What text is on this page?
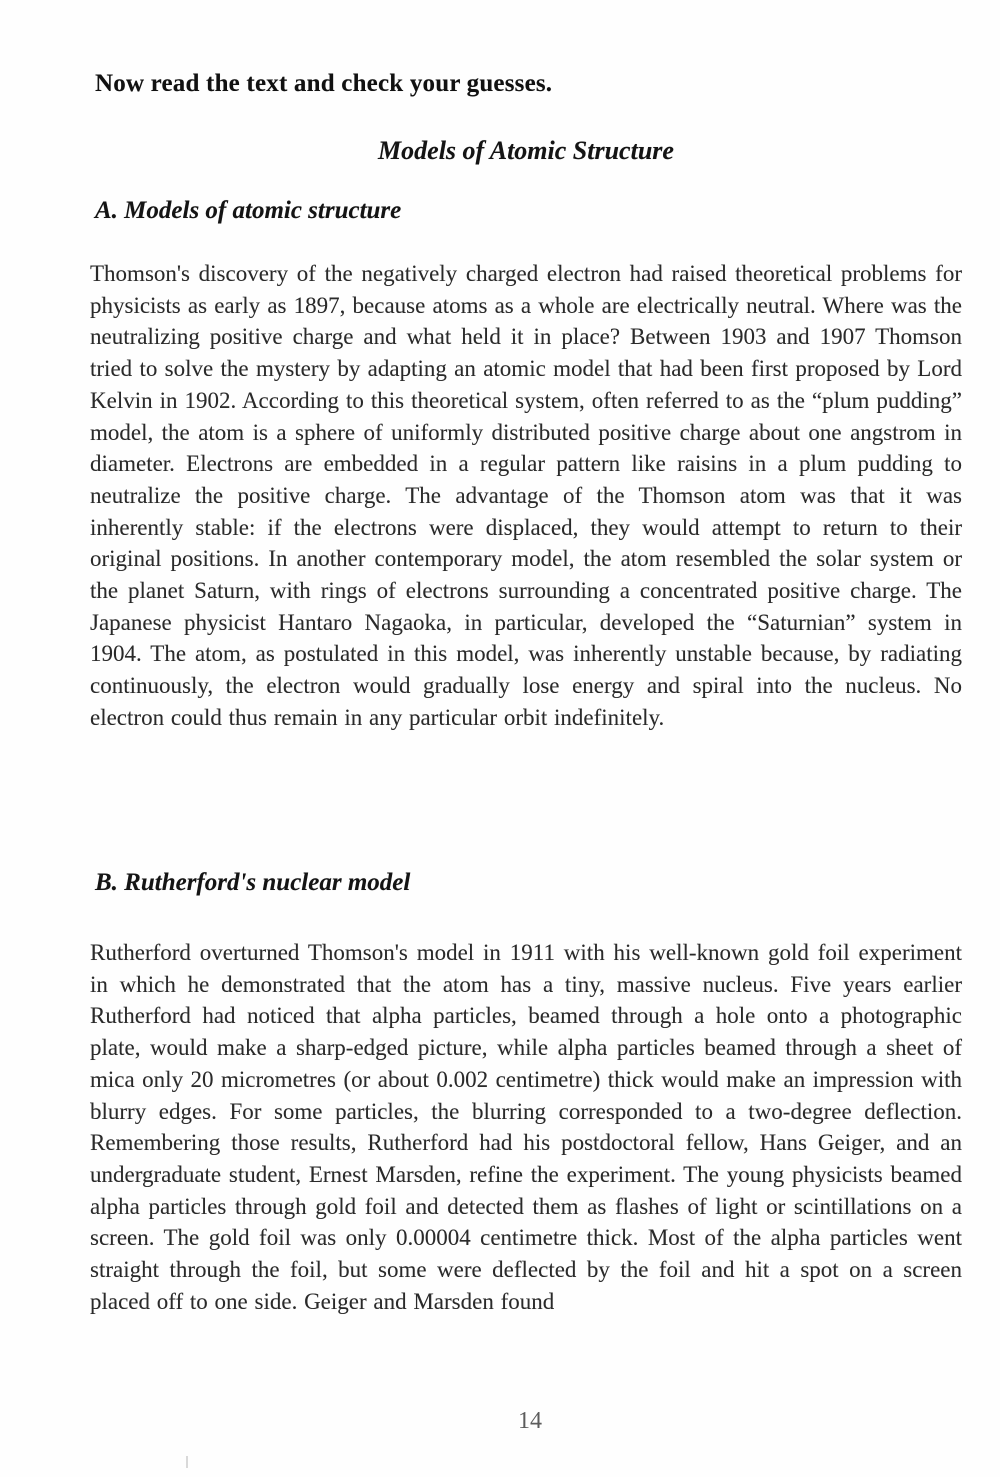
Now read the text and check your guesses.
Models of Atomic Structure
A. Models of atomic structure
Thomson's discovery of the negatively charged electron had raised theoretical problems for physicists as early as 1897, because atoms as a whole are electrically neutral. Where was the neutralizing positive charge and what held it in place? Between 1903 and 1907 Thomson tried to solve the mystery by adapting an atomic model that had been first proposed by Lord Kelvin in 1902. According to this theoretical system, often referred to as the “plum pudding” model, the atom is a sphere of uniformly distributed positive charge about one angstrom in diameter. Electrons are embedded in a regular pattern like raisins in a plum pudding to neutralize the positive charge. The advantage of the Thomson atom was that it was inherently stable: if the electrons were displaced, they would attempt to return to their original positions. In another contemporary model, the atom resembled the solar system or the planet Saturn, with rings of electrons surrounding a concentrated positive charge. The Japanese physicist Hantaro Nagaoka, in particular, developed the “Saturnian” system in 1904. The atom, as postulated in this model, was inherently unstable because, by radiating continuously, the electron would gradually lose energy and spiral into the nucleus. No electron could thus remain in any particular orbit indefinitely.
B. Rutherford's nuclear model
Rutherford overturned Thomson's model in 1911 with his well-known gold foil experiment in which he demonstrated that the atom has a tiny, massive nucleus. Five years earlier Rutherford had noticed that alpha particles, beamed through a hole onto a photographic plate, would make a sharp-edged picture, while alpha particles beamed through a sheet of mica only 20 micrometres (or about 0.002 centimetre) thick would make an impression with blurry edges. For some particles, the blurring corresponded to a two-degree deflection. Remembering those results, Rutherford had his postdoctoral fellow, Hans Geiger, and an undergraduate student, Ernest Marsden, refine the experiment. The young physicists beamed alpha particles through gold foil and detected them as flashes of light or scintillations on a screen. The gold foil was only 0.00004 centimetre thick. Most of the alpha particles went straight through the foil, but some were deflected by the foil and hit a spot on a screen placed off to one side. Geiger and Marsden found
14
